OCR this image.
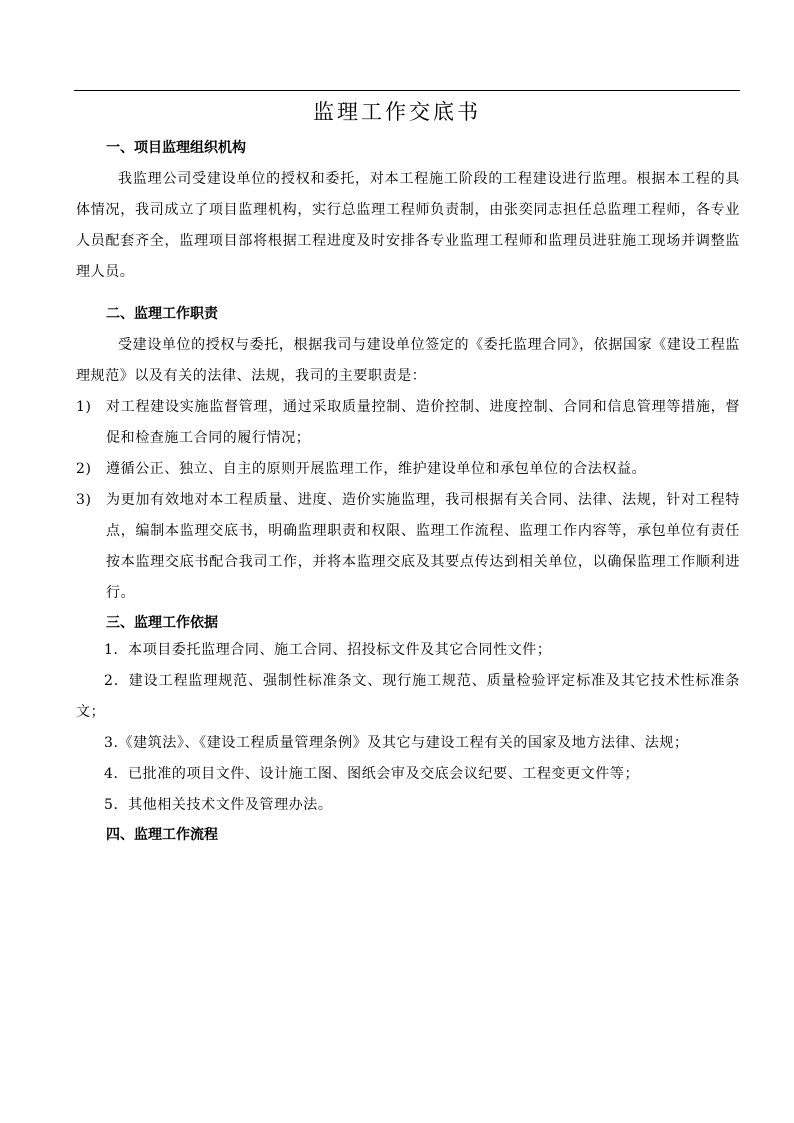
监理工作交底书
一、项目监理组织机构
我监理公司受建设单位的授权和委托，对本工程施工阶段的工程建设进行监理。根据本工程的具体情况，我司成立了项目监理机构，实行总监理工程师负责制，由张奕同志担任总监理工程师，各专业人员配套齐全，监理项目部将根据工程进度及时安排各专业监理工程师和监理员进驻施工现场并调整监理人员。
二、监理工作职责
受建设单位的授权与委托，根据我司与建设单位签定的《委托监理合同》，依据国家《建设工程监理规范》以及有关的法律、法规，我司的主要职责是：
1) 对工程建设实施监督管理，通过采取质量控制、造价控制、进度控制、合同和信息管理等措施，督促和检查施工合同的履行情况；
2) 遵循公正、独立、自主的原则开展监理工作，维护建设单位和承包单位的合法权益。
3) 为更加有效地对本工程质量、进度、造价实施监理，我司根据有关合同、法律、法规，针对工程特点，编制本监理交底书，明确监理职责和权限、监理工作流程、监理工作内容等，承包单位有责任按本监理交底书配合我司工作，并将本监理交底及其要点传达到相关单位，以确保监理工作顺利进行。
三、监理工作依据
1．本项目委托监理合同、施工合同、招投标文件及其它合同性文件；
2．建设工程监理规范、强制性标准条文、现行施工规范、质量检验评定标准及其它技术性标准条文；
3.《建筑法》、《建设工程质量管理条例》及其它与建设工程有关的国家及地方法律、法规；
4．已批准的项目文件、设计施工图、图纸会审及交底会议纪要、工程变更文件等；
5．其他相关技术文件及管理办法。
四、监理工作流程
